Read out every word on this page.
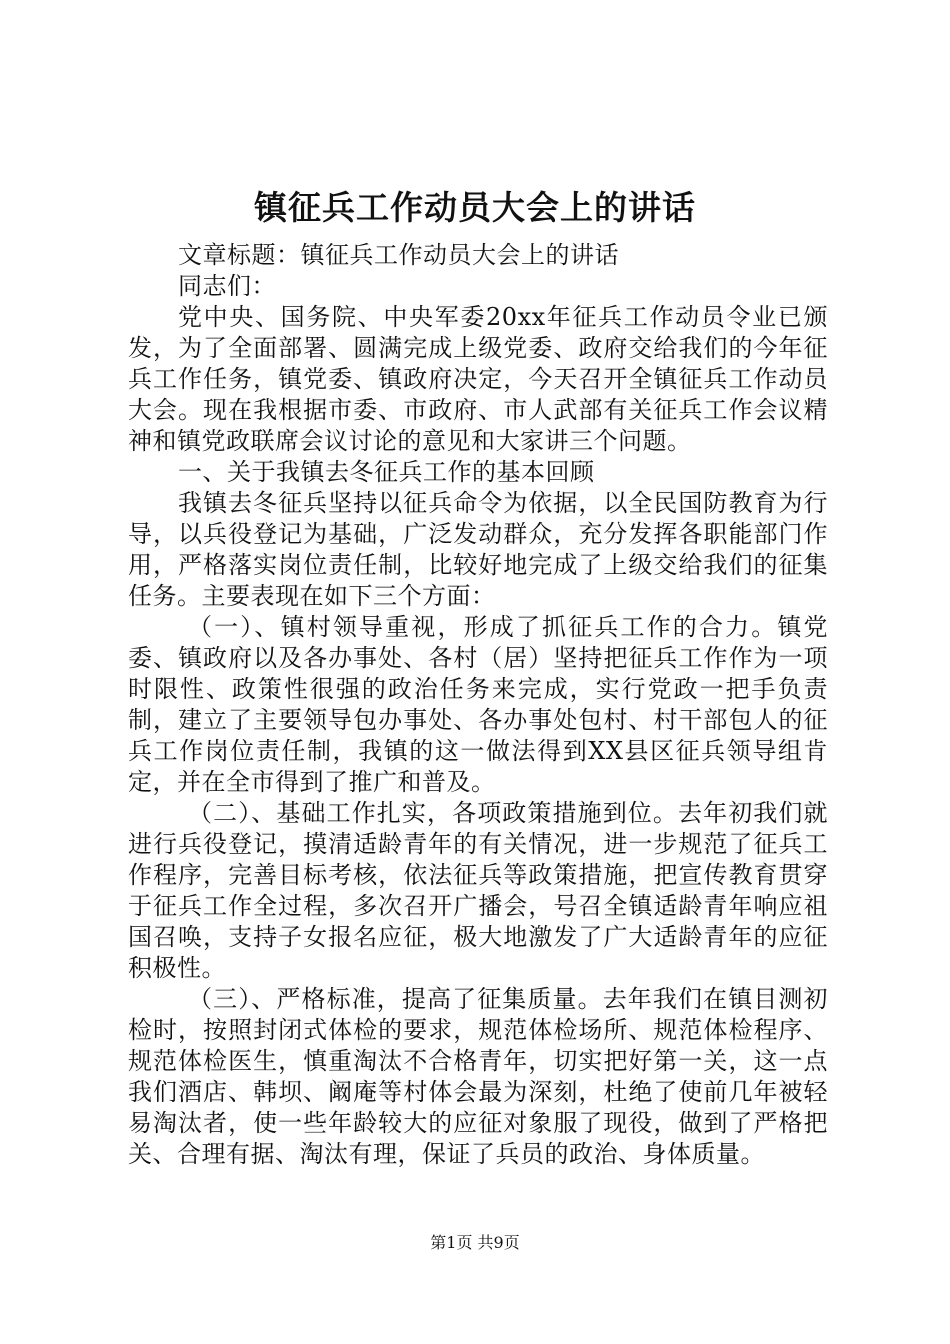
镇征兵工作动员大会上的讲话

文章标题：镇征兵工作动员大会上的讲话

同志们：

党中央、国务院、中央军委20xx年征兵工作动员令业已颁发，为了全面部署、圆满完成上级党委、政府交给我们的今年征兵工作任务，镇党委、镇政府决定，今天召开全镇征兵工作动员大会。现在我根据市委、市政府、市人武部有关征兵工作会议精神和镇党政联席会议讨论的意见和大家讲三个问题。

一、关于我镇去冬征兵工作的基本回顾

我镇去冬征兵坚持以征兵命令为依据，以全民国防教育为行导，以兵役登记为基础，广泛发动群众，充分发挥各职能部门作用，严格落实岗位责任制，比较好地完成了上级交给我们的征集任务。主要表现在如下三个方面：

（一）、镇村领导重视，形成了抓征兵工作的合力。镇党委、镇政府以及各办事处、各村（居）坚持把征兵工作作为一项时限性、政策性很强的政治任务来完成，实行党政一把手负责制，建立了主要领导包办事处、各办事处包村、村干部包人的征兵工作岗位责任制，我镇的这一做法得到XX县区征兵领导组肯定，并在全市得到了推广和普及。

（二）、基础工作扎实，各项政策措施到位。去年初我们就进行兵役登记，摸清适龄青年的有关情况，进一步规范了征兵工作程序，完善目标考核，依法征兵等政策措施，把宣传教育贯穿于征兵工作全过程，多次召开广播会，号召全镇适龄青年响应祖国召唤，支持子女报名应征，极大地激发了广大适龄青年的应征积极性。

（三）、严格标准，提高了征集质量。去年我们在镇目测初检时，按照封闭式体检的要求，规范体检场所、规范体检程序、规范体检医生，慎重淘汰不合格青年，切实把好第一关，这一点我们酒店、韩坝、阚庵等村体会最为深刻，杜绝了使前几年被轻易淘汰者，使一些年龄较大的应征对象服了现役，做到了严格把关、合理有据、淘汰有理，保证了兵员的政治、身体质量。

第1页 共9页
